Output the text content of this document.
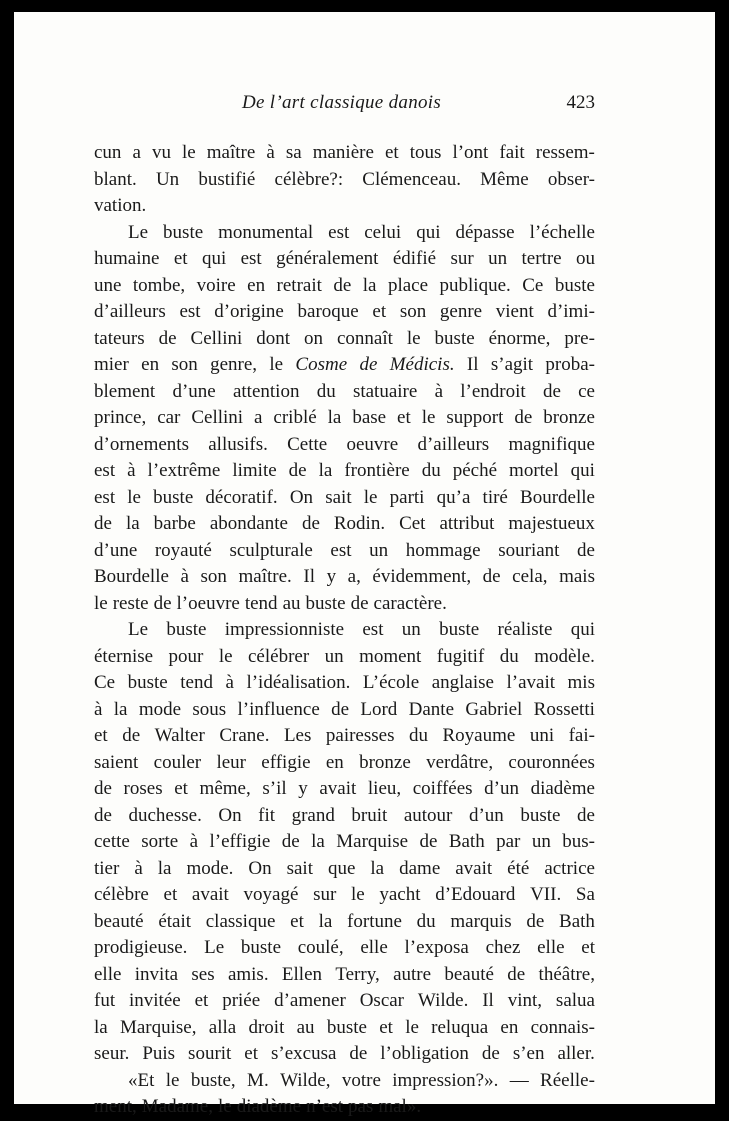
De l’art classique danois	423
cun a vu le maître à sa manière et tous l’ont fait ressem-
blant. Un bustifié célèbre?: Clémenceau. Même obser-
vation.
Le buste monumental est celui qui dépasse l’échelle
humaine et qui est généralement édifié sur un tertre ou
une tombe, voire en retrait de la place publique. Ce buste
d’ailleurs est d’origine baroque et son genre vient d’imi-
tateurs de Cellini dont on connaît le buste énorme, pre-
mier en son genre, le Cosme de Médicis. Il s’agit proba-
blement d’une attention du statuaire à l’endroit de ce
prince, car Cellini a criblé la base et le support de bronze
d’ornements allusifs. Cette oeuvre d’ailleurs magnifique
est à l’extrême limite de la frontière du péché mortel qui
est le buste décoratif. On sait le parti qu’a tiré Bourdelle
de la barbe abondante de Rodin. Cet attribut majestueux
d’une royauté sculpturale est un hommage souriant de
Bourdelle à son maître. Il y a, évidemment, de cela, mais
le reste de l’oeuvre tend au buste de caractère.
Le buste impressionniste est un buste réaliste qui
éternise pour le célébrer un moment fugitif du modèle.
Ce buste tend à l’idéalisation. L’école anglaise l’avait mis
à la mode sous l’influence de Lord Dante Gabriel Rossetti
et de Walter Crane. Les pairesses du Royaume uni fai-
saient couler leur effigie en bronze verdâtre, couronnées
de roses et même, s’il y avait lieu, coiffées d’un diadème
de duchesse. On fit grand bruit autour d’un buste de
cette sorte à l’effigie de la Marquise de Bath par un bus-
tier à la mode. On sait que la dame avait été actrice
célèbre et avait voyagé sur le yacht d’Edouard VII. Sa
beauté était classique et la fortune du marquis de Bath
prodigieuse. Le buste coulé, elle l’exposa chez elle et
elle invita ses amis. Ellen Terry, autre beauté de théâtre,
fut invitée et priée d’amener Oscar Wilde. Il vint, salua
la Marquise, alla droit au buste et le reluqua en connais-
seur. Puis sourit et s’excusa de l’obligation de s’en aller.
«Et le buste, M. Wilde, votre impression?». — Réelle-
ment, Madame, le diadème n’est pas mal».
